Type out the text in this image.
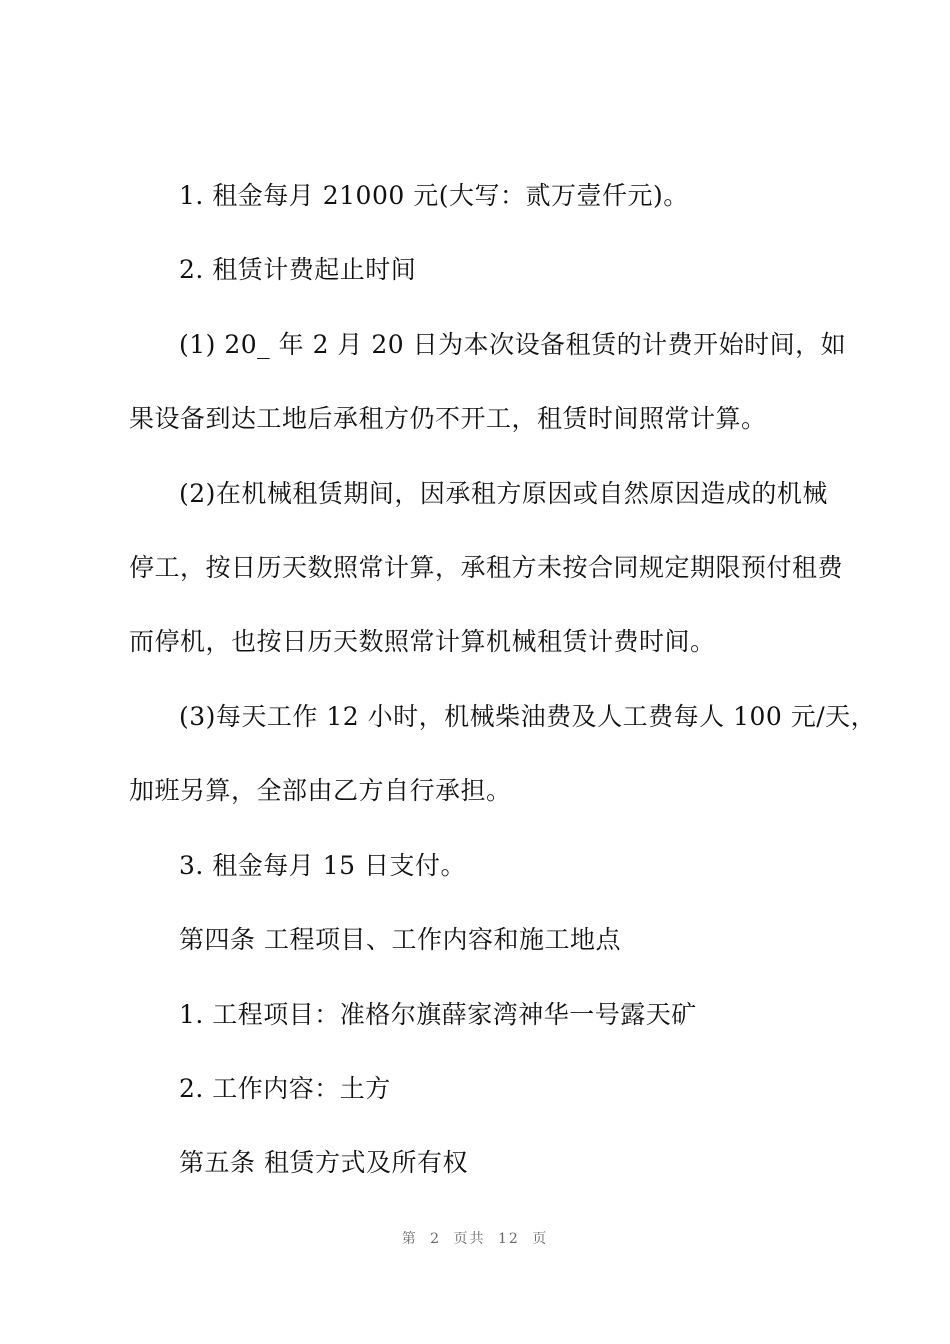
1. 租金每月 21000 元(大写：贰万壹仟元)。
2. 租赁计费起止时间
(1) 20_ 年 2 月 20 日为本次设备租赁的计费开始时间，如
果设备到达工地后承租方仍不开工，租赁时间照常计算。
(2)在机械租赁期间，因承租方原因或自然原因造成的机械
停工，按日历天数照常计算，承租方未按合同规定期限预付租费
而停机，也按日历天数照常计算机械租赁计费时间。
(3)每天工作 12 小时，机械柴油费及人工费每人 100 元/天，
加班另算，全部由乙方自行承担。
3. 租金每月 15 日支付。
第四条 工程项目、工作内容和施工地点
1. 工程项目：准格尔旗薛家湾神华一号露天矿
2. 工作内容：土方
第五条 租赁方式及所有权
第 2 页共 12 页
